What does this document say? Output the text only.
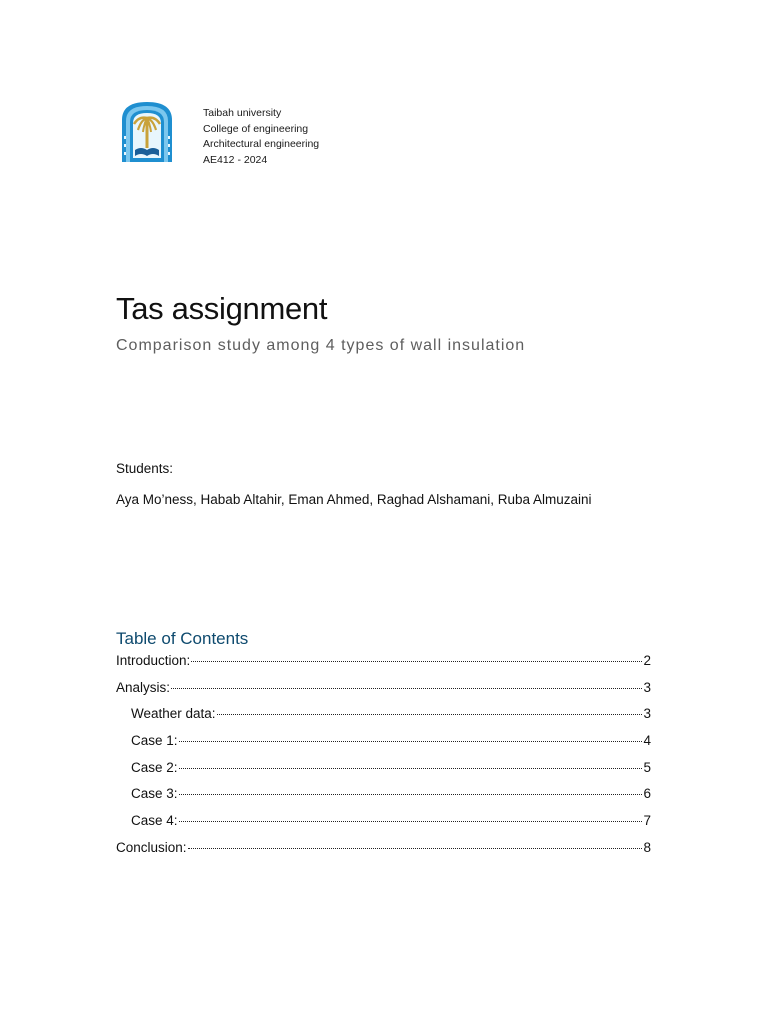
Taibah university
College of engineering
Architectural engineering
AE412 - 2024
Tas assignment

Comparison study among 4 types of wall insulation

Students:
Aya Mo’ness, Habab Altahir, Eman Ahmed, Raghad Alshamani, Ruba Almuzaini
Table of Contents
Introduction:	2
Analysis:	3
Weather data:	3
Case 1:	4
Case 2:	5
Case 3:	6
Case 4:	7
Conclusion:	8
